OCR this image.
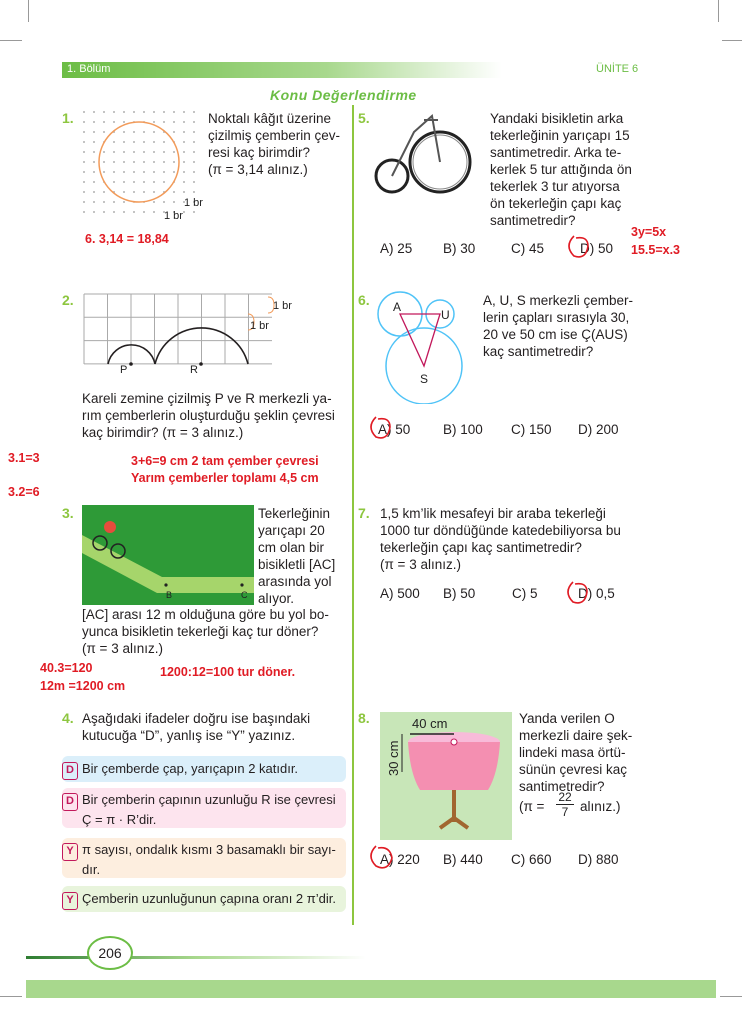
1. Bölüm	ÜNİTE 6
Konu Değerlendirme
1.
1 br
1 br
Noktalı kâğıt üzerine
çizilmiş çemberin çev-
resi kaç birimdir?
(π = 3,14 alınız.)
6. 3,14 = 18,84
2.	1 br
1 br
P	R
Kareli zemine çizilmiş P ve R merkezli ya-
rım çemberlerin oluşturduğu şeklin çevresi
kaç birimdir? (π = 3 alınız.)
3.1=3
3.2=6
3+6=9 cm 2 tam çember çevresi
Yarım çemberler toplamı 4,5 cm
3.
B	C
Tekerleğinin
yarıçapı 20
cm olan bir
bisikletli [AC]
arasında yol
alıyor.
[AC] arası 12 m olduğuna göre bu yol bo-
yunca bisikletin tekerleği kaç tur döner?
(π = 3 alınız.)
40.3=120
12m =1200 cm
1200:12=100 tur döner.
4. Aşağıdaki ifadeler doğru ise başındaki
kutucuğa “D”, yanlış ise “Y” yazınız.
D Bir çemberde çap, yarıçapın 2 katıdır.
D Bir çemberin çapının uzunluğu R ise çevresi
Ç = π · R’dir.
Y π sayısı, ondalık kısmı 3 basamaklı bir sayı-
dır.
Y Çemberin uzunluğunun çapına oranı 2 π’dir.
5.	Yandaki bisikletin arka
tekerleğinin yarıçapı 15
santimetredir. Arka te-
kerlek 5 tur attığında ön
tekerlek 3 tur atıyorsa
ön tekerleğin çapı kaç
santimetredir?
A) 25 B) 30	C) 45	D) 50
3y=5x
15.5=x.3
6. A
U
S
A, U, S merkezli çember-
lerin çapları sırasıyla 30,
20 ve 50 cm ise Ç(AUS)
kaç santimetredir?
A) 50 B) 100 C) 150 D) 200
7. 1,5 km’lik mesafeyi bir araba tekerleği
1000 tur döndüğünde katedebiliyorsa bu
tekerleğin çapı kaç santimetredir?
(π = 3 alınız.)
A) 500 B) 50	C) 5	D) 0,5
8.	40 cm
30 cm
Yanda verilen O
merkezli daire şek-
lindeki masa örtü-
sünün çevresi kaç
santimetredir?
(π =
22
7 alınız.)
A) 220 B) 440 C) 660 D) 880
206
